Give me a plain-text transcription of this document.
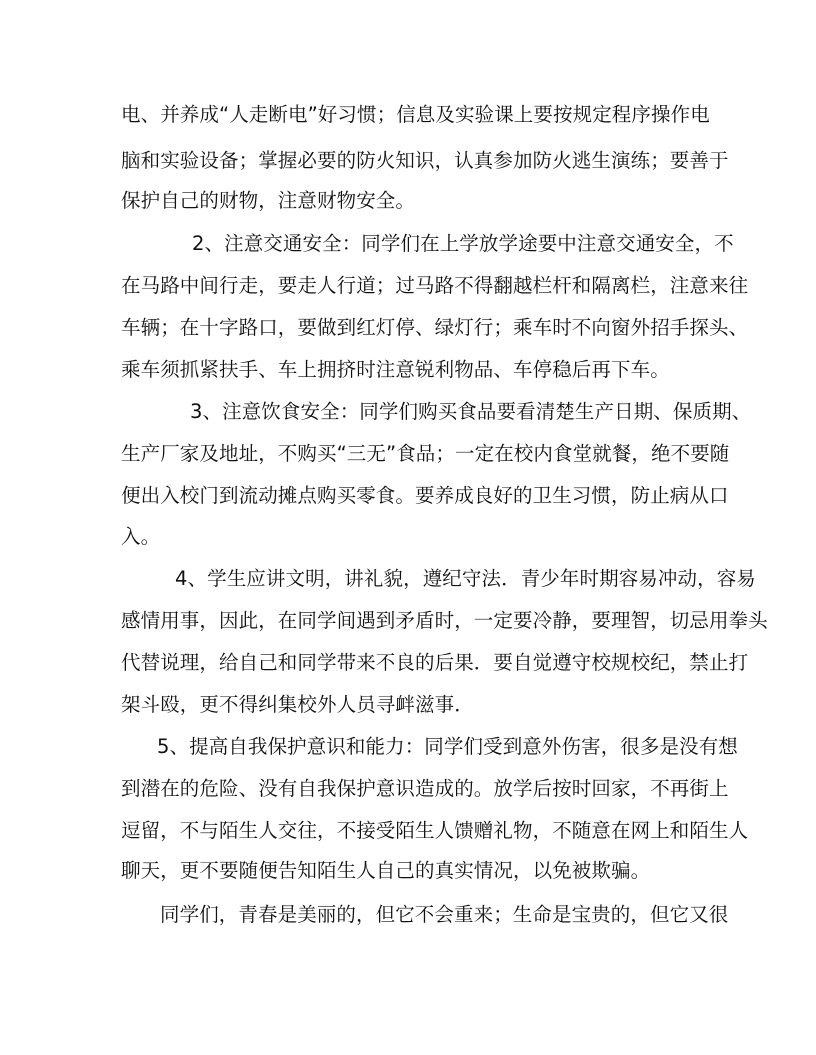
电、并养成“人走断电”好习惯；信息及实验课上要按规定程序操作电
脑和实验设备；掌握必要的防火知识，认真参加防火逃生演练；要善于
保护自己的财物，注意财物安全。
2、注意交通安全：同学们在上学放学途要中注意交通安全，不
在马路中间行走，要走人行道；过马路不得翻越栏杆和隔离栏，注意来往
车辆；在十字路口，要做到红灯停、绿灯行；乘车时不向窗外招手探头、
乘车须抓紧扶手、车上拥挤时注意锐利物品、车停稳后再下车。
3、注意饮食安全：同学们购买食品要看清楚生产日期、保质期、
生产厂家及地址，不购买“三无”食品；一定在校内食堂就餐，绝不要随
便出入校门到流动摊点购买零食。要养成良好的卫生习惯，防止病从口
入。
4、学生应讲文明，讲礼貌，遵纪守法．青少年时期容易冲动，容易
感情用事，因此，在同学间遇到矛盾时，一定要冷静，要理智，切忌用拳头
代替说理，给自己和同学带来不良的后果．要自觉遵守校规校纪，禁止打
架斗殴，更不得纠集校外人员寻衅滋事．
5、提高自我保护意识和能力：同学们受到意外伤害，很多是没有想
到潜在的危险、没有自我保护意识造成的。放学后按时回家，不再街上
逗留，不与陌生人交往，不接受陌生人馈赠礼物，不随意在网上和陌生人
聊天，更不要随便告知陌生人自己的真实情况，以免被欺骗。
同学们，青春是美丽的，但它不会重来；生命是宝贵的，但它又很
